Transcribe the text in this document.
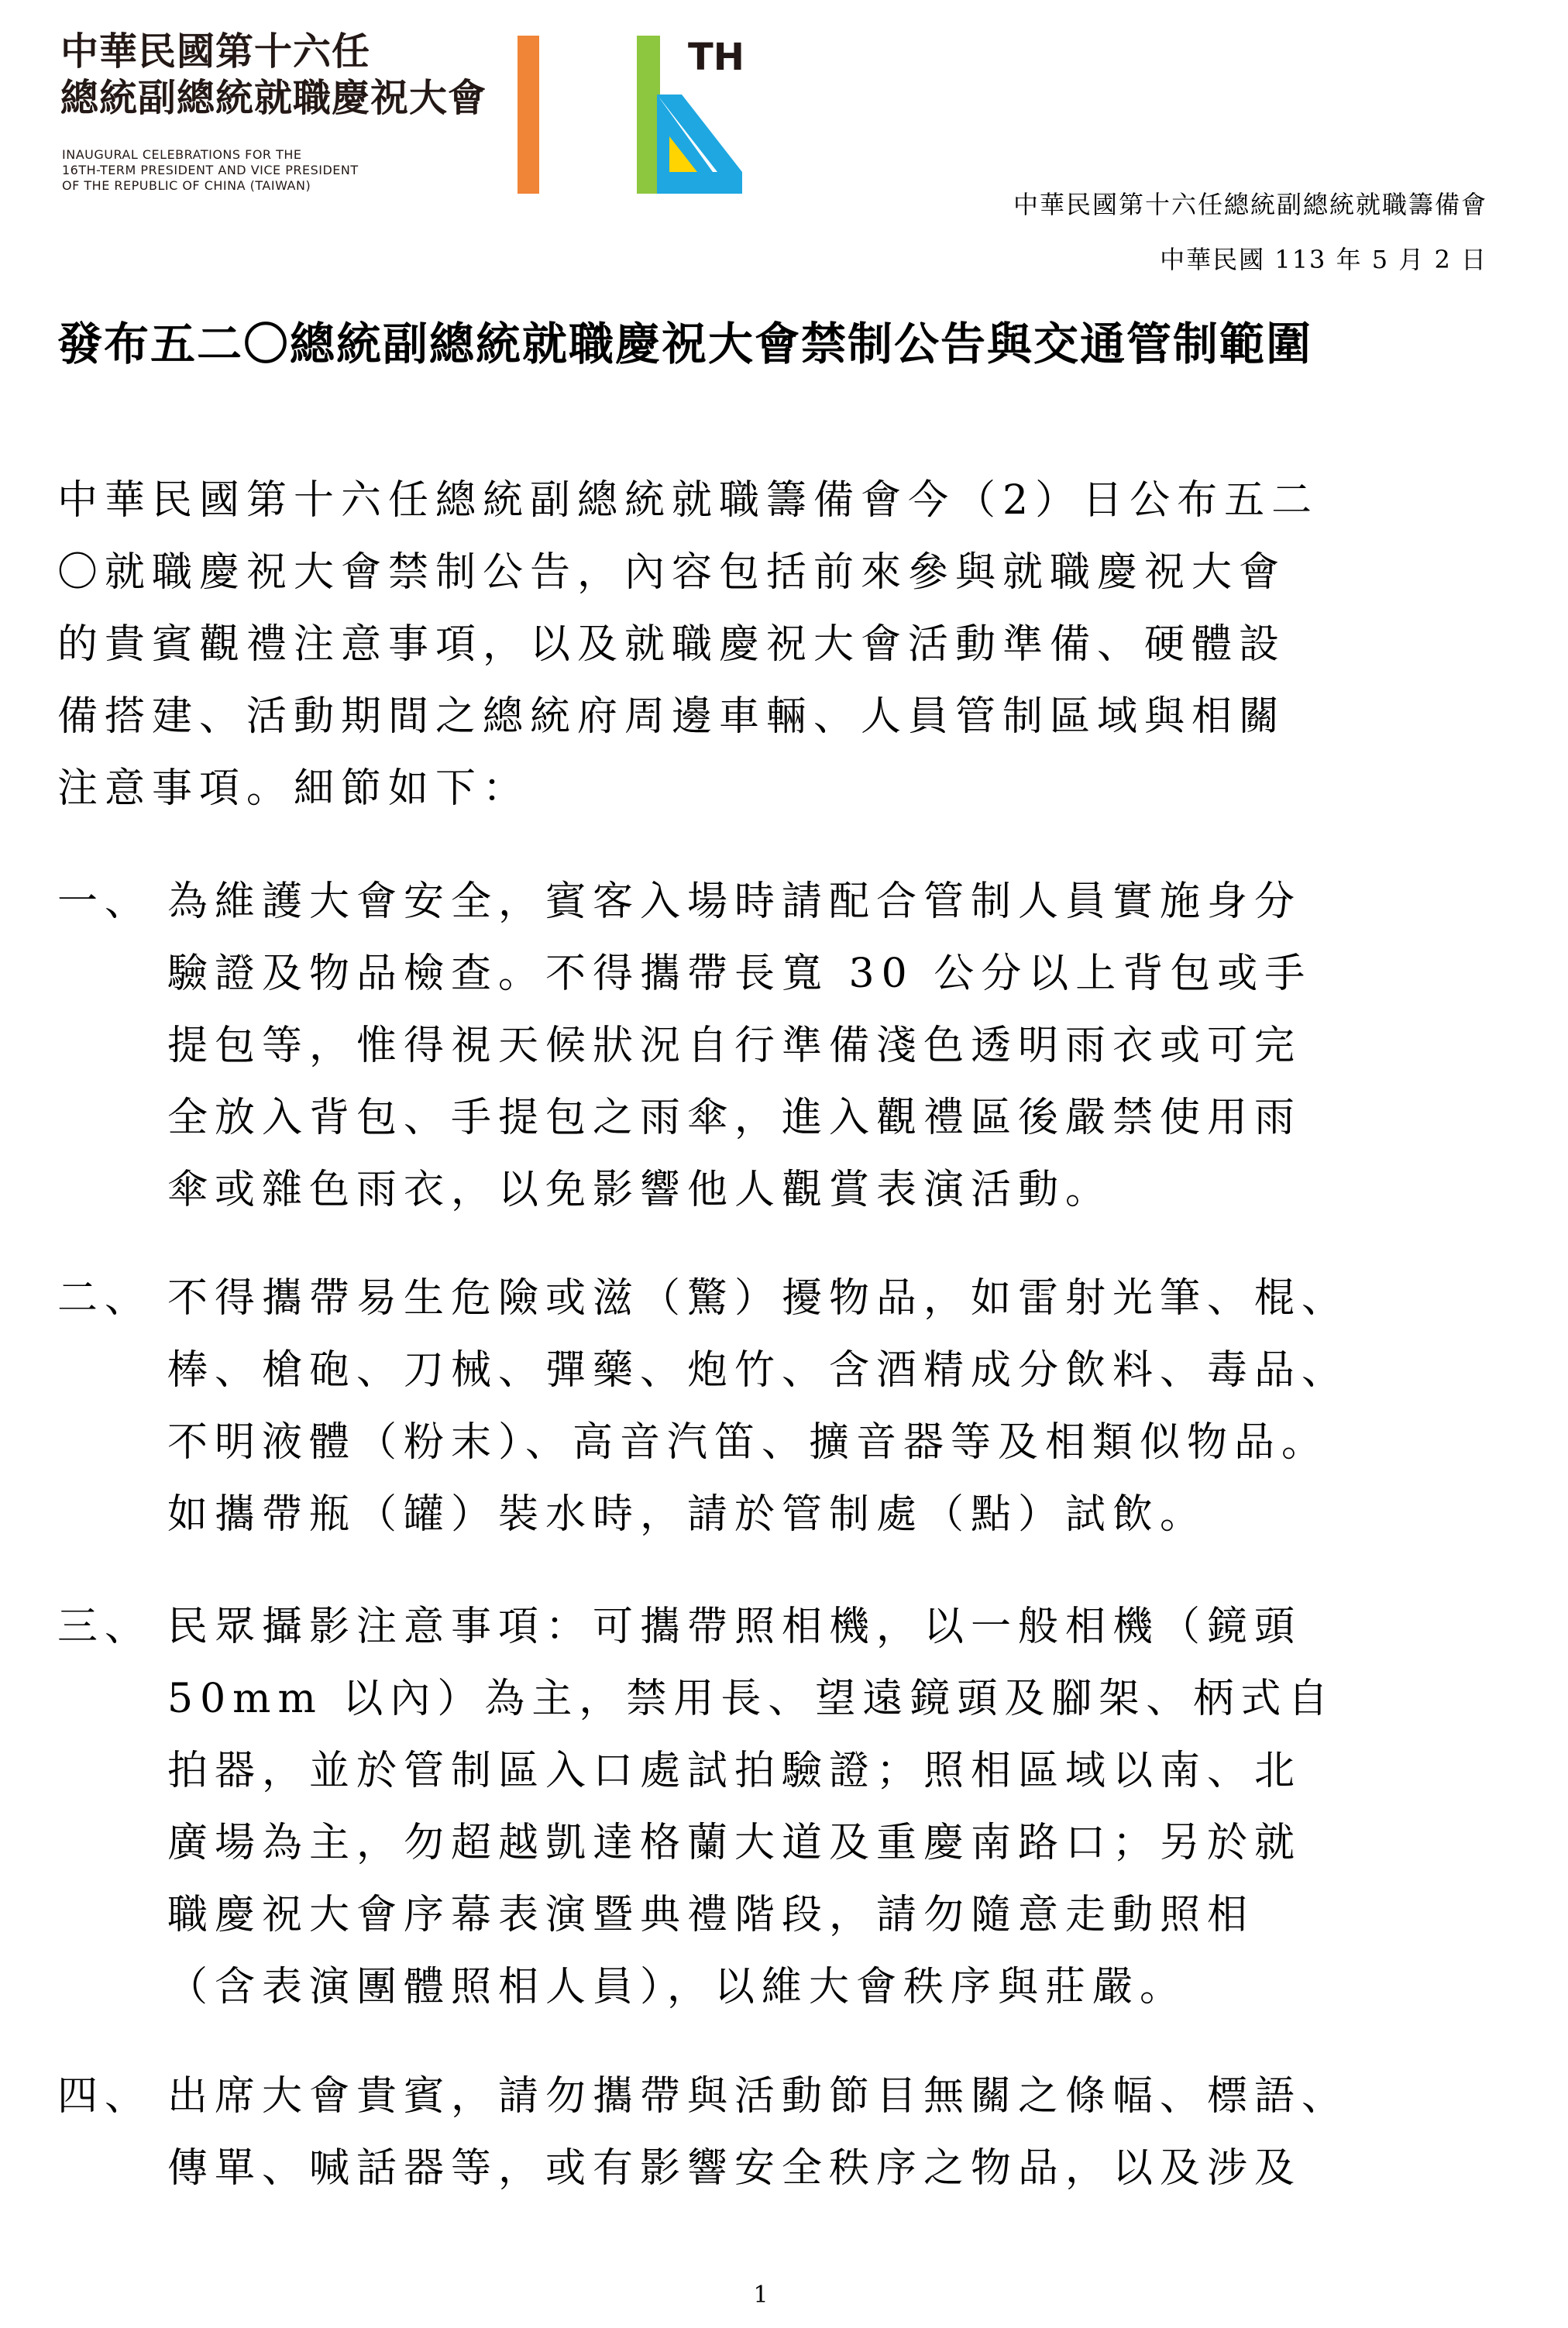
中華民國第十六任
總統副總統就職慶祝大會
INAUGURAL CELEBRATIONS FOR THE
16TH-TERM PRESIDENT AND VICE PRESIDENT
OF THE REPUBLIC OF CHINA (TAIWAN)
TH
中華民國第十六任總統副總統就職籌備會
中華民國 113 年 5 月 2 日
發布五二〇總統副總統就職慶祝大會禁制公告與交通管制範圍
中華民國第十六任總統副總統就職籌備會今（2）日公布五二
〇就職慶祝大會禁制公告，內容包括前來參與就職慶祝大會
的貴賓觀禮注意事項，以及就職慶祝大會活動準備、硬體設
備搭建、活動期間之總統府周邊車輛、人員管制區域與相關
注意事項。細節如下：
一、 為維護大會安全，賓客入場時請配合管制人員實施身分
驗證及物品檢查。不得攜帶長寬 30 公分以上背包或手
提包等，惟得視天候狀況自行準備淺色透明雨衣或可完
全放入背包、手提包之雨傘，進入觀禮區後嚴禁使用雨
傘或雜色雨衣，以免影響他人觀賞表演活動。
二、 不得攜帶易生危險或滋（驚）擾物品，如雷射光筆、棍、
棒、槍砲、刀械、彈藥、炮竹、含酒精成分飲料、毒品、
不明液體（粉末）、高音汽笛、擴音器等及相類似物品。
如攜帶瓶（罐）裝水時，請於管制處（點）試飲。
三、 民眾攝影注意事項：可攜帶照相機，以一般相機（鏡頭
50mm 以內）為主，禁用長、望遠鏡頭及腳架、柄式自
拍器，並於管制區入口處試拍驗證；照相區域以南、北
廣場為主，勿超越凱達格蘭大道及重慶南路口；另於就
職慶祝大會序幕表演暨典禮階段，請勿隨意走動照相
（含表演團體照相人員），以維大會秩序與莊嚴。
四、 出席大會貴賓，請勿攜帶與活動節目無關之條幅、標語、
傳單、喊話器等，或有影響安全秩序之物品，以及涉及
1
